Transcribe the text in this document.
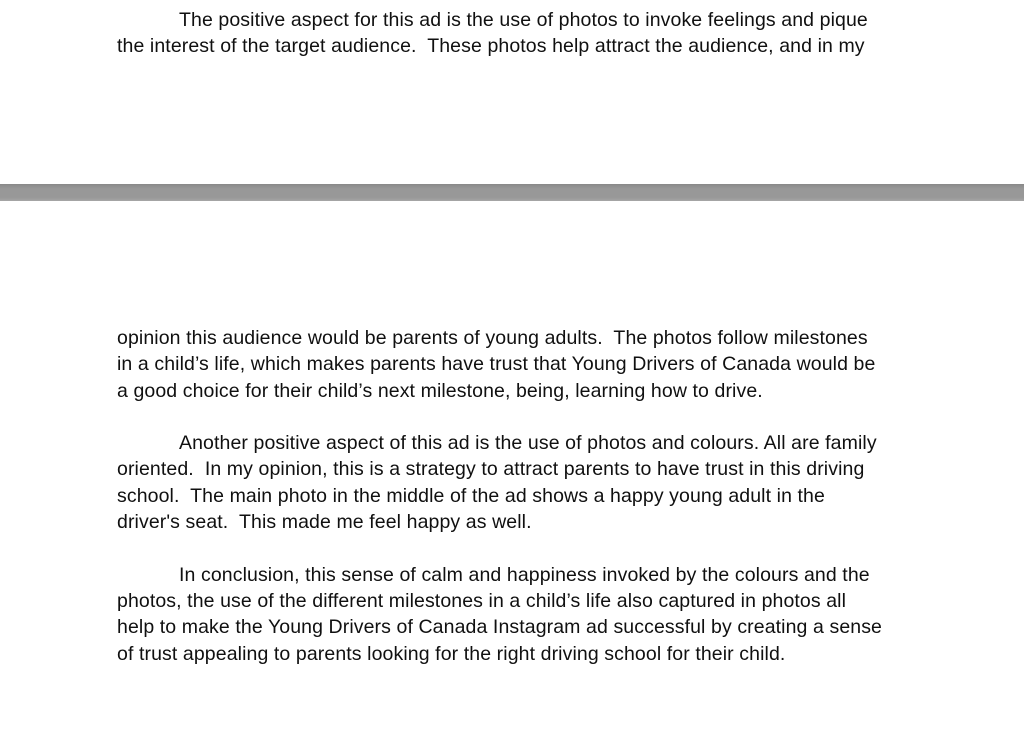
The positive aspect for this ad is the use of photos to invoke feelings and pique
the interest of the target audience.  These photos help attract the audience, and in my
opinion this audience would be parents of young adults.  The photos follow milestones
in a child’s life, which makes parents have trust that Young Drivers of Canada would be
a good choice for their child’s next milestone, being, learning how to drive.
Another positive aspect of this ad is the use of photos and colours. All are family
oriented.  In my opinion, this is a strategy to attract parents to have trust in this driving
school.  The main photo in the middle of the ad shows a happy young adult in the
driver's seat.  This made me feel happy as well.
In conclusion, this sense of calm and happiness invoked by the colours and the
photos, the use of the different milestones in a child’s life also captured in photos all
help to make the Young Drivers of Canada Instagram ad successful by creating a sense
of trust appealing to parents looking for the right driving school for their child.
